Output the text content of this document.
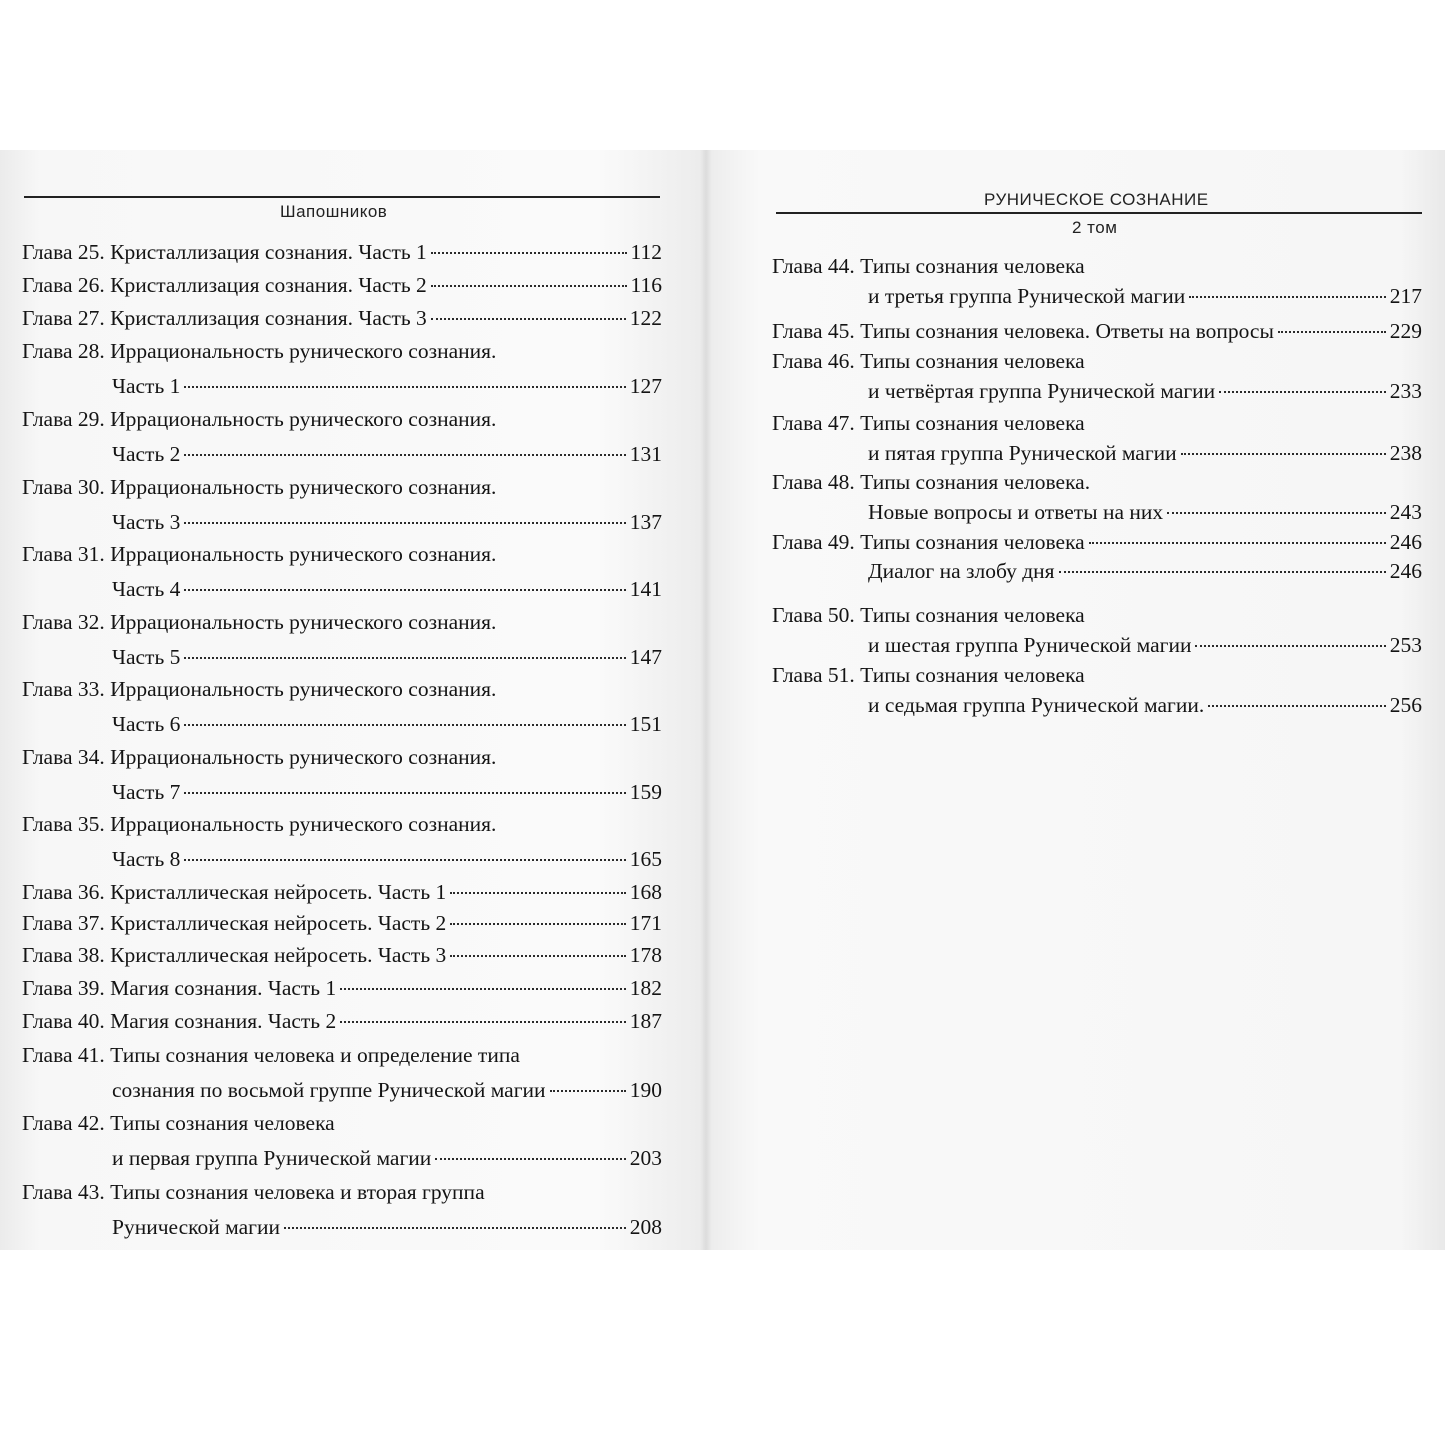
Шапошников
Глава 25. Кристаллизация сознания. Часть 1	112
Глава 26. Кристаллизация сознания. Часть 2	116
Глава 27. Кристаллизация сознания. Часть 3	122
Глава 28. Иррациональность рунического сознания.
Часть 1	127
Глава 29. Иррациональность рунического сознания.
Часть 2	131
Глава 30. Иррациональность рунического сознания.
Часть 3	137
Глава 31. Иррациональность рунического сознания.
Часть 4	141
Глава 32. Иррациональность рунического сознания.
Часть 5	147
Глава 33. Иррациональность рунического сознания.
Часть 6	151
Глава 34. Иррациональность рунического сознания.
Часть 7	159
Глава 35. Иррациональность рунического сознания.
Часть 8	165
Глава 36. Кристаллическая нейросеть. Часть 1	168
Глава 37. Кристаллическая нейросеть. Часть 2	171
Глава 38. Кристаллическая нейросеть. Часть 3	178
Глава 39. Магия сознания. Часть 1	182
Глава 40. Магия сознания. Часть 2	187
Глава 41. Типы сознания человека и определение типа
сознания по восьмой группе Рунической магии	190
Глава 42. Типы сознания человека
и первая группа Рунической магии	203
Глава 43. Типы сознания человека и вторая группа
Рунической магии	208
РУНИЧЕСКОЕ СОЗНАНИЕ
2 том
Глава 44. Типы сознания человека
и третья группа Рунической магии	217
Глава 45. Типы сознания человека. Ответы на вопросы	229
Глава 46. Типы сознания человека
и четвёртая группа Рунической магии	233
Глава 47. Типы сознания человека
и пятая группа Рунической магии	238
Глава 48. Типы сознания человека.
Новые вопросы и ответы на них	243
Глава 49. Типы сознания человека	246
Диалог на злобу дня	246
Глава 50. Типы сознания человека
и шестая группа Рунической магии	253
Глава 51. Типы сознания человека
и седьмая группа Рунической магии.	256
